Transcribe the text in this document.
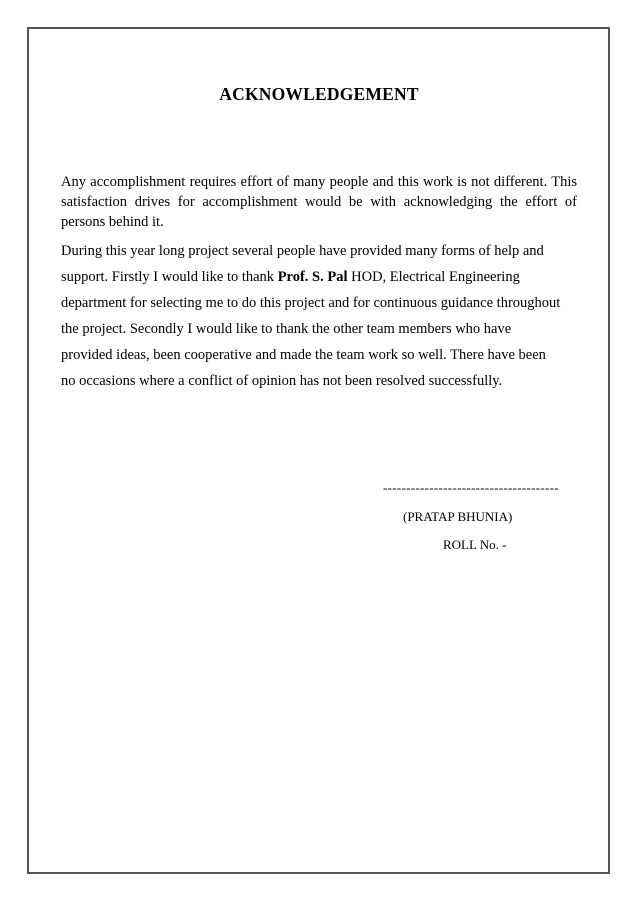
ACKNOWLEDGEMENT

Any accomplishment requires effort of many people and this work is not different. This satisfaction drives for accomplishment would be with acknowledging the effort of persons behind it.

During this year long project several people have provided many forms of help and
support. Firstly I would like to thank Prof. S. Pal HOD, Electrical Engineering
department for selecting me to do this project and for continuous guidance throughout
the project. Secondly I would like to thank the other team members who have
provided ideas, been cooperative and made the team work so well. There have been
no occasions where a conflict of opinion has not been resolved successfully.
--------------------------------------
(PRATAP BHUNIA)
ROLL No. -
